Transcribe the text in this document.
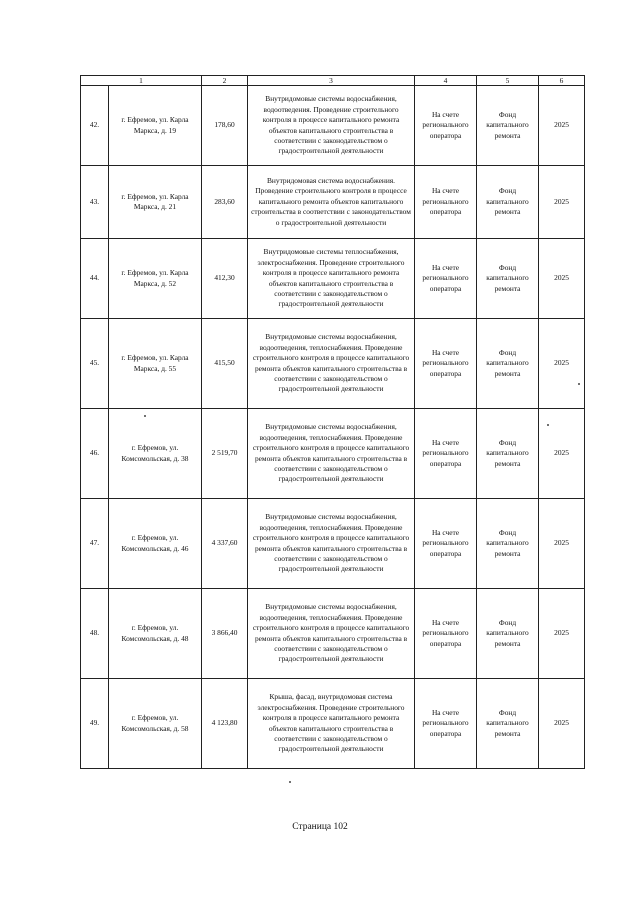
1		2	3	4	5	6
42.	г. Ефремов, ул. Карла Маркса, д. 19	178,60	Внутридомовые системы водоснабжения, водоотведения. Проведение строительного контроля в процессе капитального ремонта объектов капитального строительства в соответствии с законодательством о градостроительной деятельности	На счете регионального оператора	Фонд капитального ремонта	2025
43.	г. Ефремов, ул. Карла Маркса, д. 21	283,60	Внутридомовая система водоснабжения. Проведение строительного контроля в процессе капитального ремонта объектов капитального строительства в соответствии с законодательством о градостроительной деятельности	На счете регионального оператора	Фонд капитального ремонта	2025
44.	г. Ефремов, ул. Карла Маркса, д. 52	412,30	Внутридомовые системы теплоснабжения, электроснабжения. Проведение строительного контроля в процессе капитального ремонта объектов капитального строительства в соответствии с законодательством о градостроительной деятельности	На счете регионального оператора	Фонд капитального ремонта	2025
45.	г. Ефремов, ул. Карла Маркса, д. 55	415,50	Внутридомовые системы водоснабжения, водоотведения, теплоснабжения. Проведение строительного контроля в процессе капитального ремонта объектов капитального строительства в соответствии с законодательством о градостроительной деятельности	На счете регионального оператора	Фонд капитального ремонта	2025
46.	г. Ефремов, ул. Комсомольская, д. 38	2 519,70	Внутридомовые системы водоснабжения, водоотведения, теплоснабжения. Проведение строительного контроля в процессе капитального ремонта объектов капитального строительства в соответствии с законодательством о градостроительной деятельности	На счете регионального оператора	Фонд капитального ремонта	2025
47.	г. Ефремов, ул. Комсомольская, д. 46	4 337,60	Внутридомовые системы водоснабжения, водоотведения, теплоснабжения. Проведение строительного контроля в процессе капитального ремонта объектов капитального строительства в соответствии с законодательством о градостроительной деятельности	На счете регионального оператора	Фонд капитального ремонта	2025
48.	г. Ефремов, ул. Комсомольская, д. 48	3 866,40	Внутридомовые системы водоснабжения, водоотведения, теплоснабжения. Проведение строительного контроля в процессе капитального ремонта объектов капитального строительства в соответствии с законодательством о градостроительной деятельности	На счете регионального оператора	Фонд капитального ремонта	2025
49.	г. Ефремов, ул. Комсомольская, д. 58	4 123,80	Крыша, фасад, внутридомовая система электроснабжения. Проведение строительного контроля в процессе капитального ремонта объектов капитального строительства в соответствии с законодательством о градостроительной деятельности	На счете регионального оператора	Фонд капитального ремонта	2025
Страница 102
